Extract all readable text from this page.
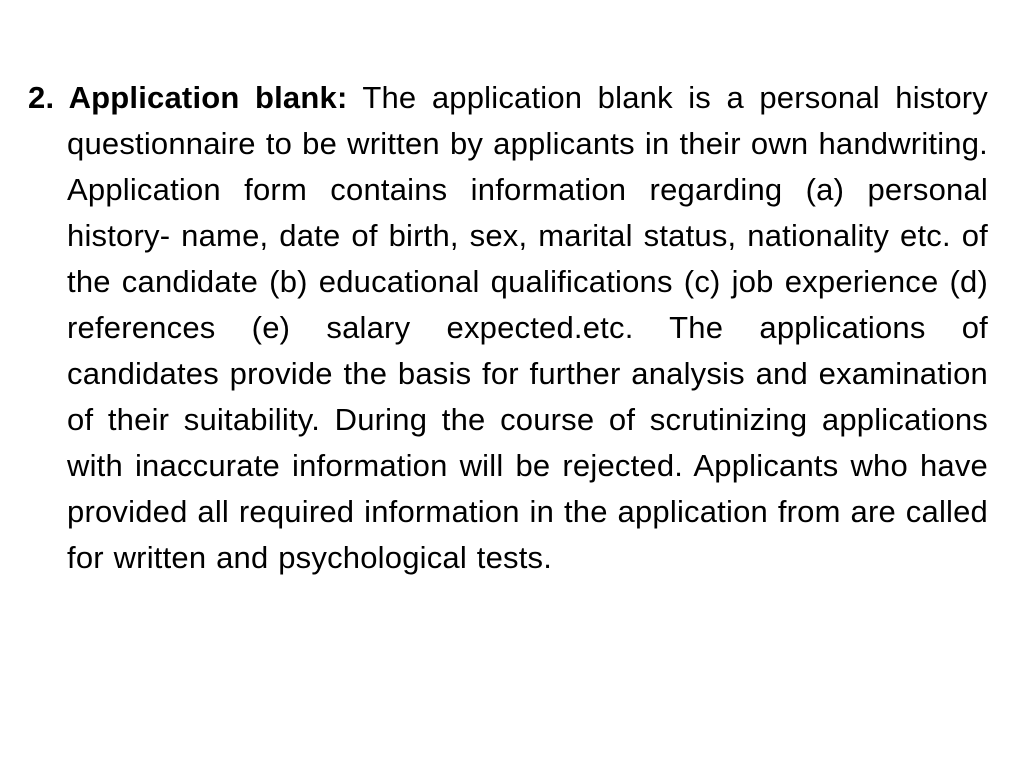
2. Application blank: The application blank is a personal history questionnaire to be written by applicants in their own handwriting. Application form contains information regarding (a) personal history- name, date of birth, sex, marital status, nationality etc. of the candidate (b) educational qualifications (c) job experience (d) references (e) salary expected.etc. The applications of candidates provide the basis for further analysis and examination of their suitability. During the course of scrutinizing applications with inaccurate information will be rejected. Applicants who have provided all required information in the application from are called for written and psychological tests.
